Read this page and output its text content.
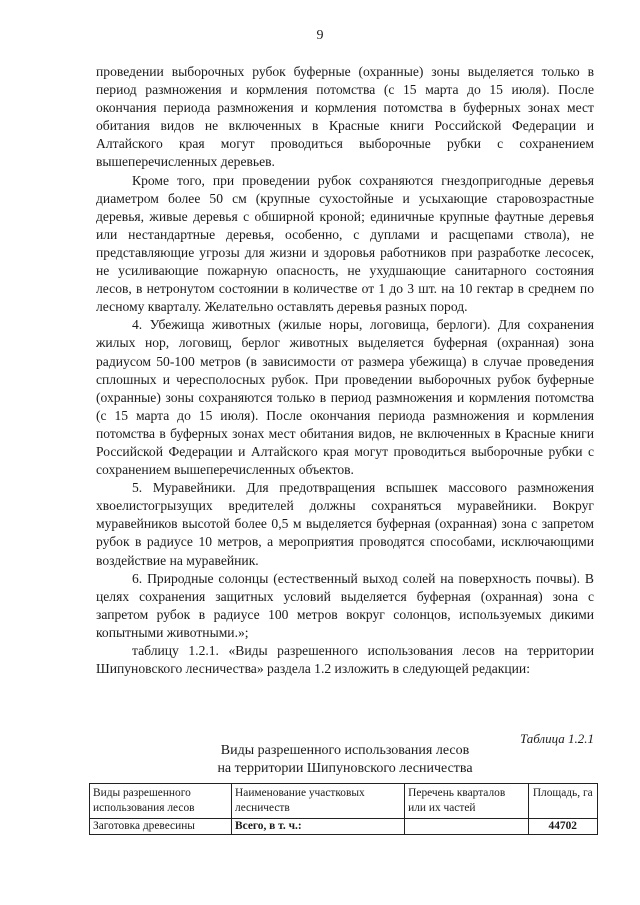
9

проведении выборочных рубок буферные (охранные) зоны выделяется только в период размножения и кормления потомства (с 15 марта до 15 июля). После окончания периода размножения и кормления потомства в буферных зонах мест обитания видов не включенных в Красные книги Российской Федерации и Алтайского края могут проводиться выборочные рубки с сохранением вышеперечисленных деревьев.

Кроме того, при проведении рубок сохраняются гнездопригодные деревья диаметром более 50 см (крупные сухостойные и усыхающие старовозрастные деревья, живые деревья с обширной кроной; единичные крупные фаутные деревья или нестандартные деревья, особенно, с дуплами и расщепами ствола), не представляющие угрозы для жизни и здоровья работников при разработке лесосек, не усиливающие пожарную опасность, не ухудшающие санитарного состояния лесов, в нетронутом состоянии в количестве от 1 до 3 шт. на 10 гектар в среднем по лесному кварталу. Желательно оставлять деревья разных пород.

4. Убежища животных (жилые норы, логовища, берлоги). Для сохранения жилых нор, логовищ, берлог животных выделяется буферная (охранная) зона радиусом 50-100 метров (в зависимости от размера убежища) в случае проведения сплошных и чересполосных рубок. При проведении выборочных рубок буферные (охранные) зоны сохраняются только в период размножения и кормления потомства (с 15 марта до 15 июля). После окончания периода размножения и кормления потомства в буферных зонах мест обитания видов, не включенных в Красные книги Российской Федерации и Алтайского края могут проводиться выборочные рубки с сохранением вышеперечисленных объектов.

5. Муравейники. Для предотвращения вспышек массового размножения хвоелистогрызущих вредителей должны сохраняться муравейники. Вокруг муравейников высотой более 0,5 м выделяется буферная (охранная) зона с запретом рубок в радиусе 10 метров, а мероприятия проводятся способами, исключающими воздействие на муравейник.

6. Природные солонцы (естественный выход солей на поверхность почвы). В целях сохранения защитных условий выделяется буферная (охранная) зона с запретом рубок в радиусе 100 метров вокруг солонцов, используемых дикими копытными животными.»;

таблицу 1.2.1. «Виды разрешенного использования лесов на территории Шипуновского лесничества» раздела 1.2 изложить в следующей редакции:

Таблица 1.2.1
Виды разрешенного использования лесов
на территории Шипуновского лесничества
Виды разрешенного использования лесов	Наименование участковых лесничеств	Перечень кварталов или их частей	Площадь, га
Заготовка древесины	Всего, в т. ч.:		44702
